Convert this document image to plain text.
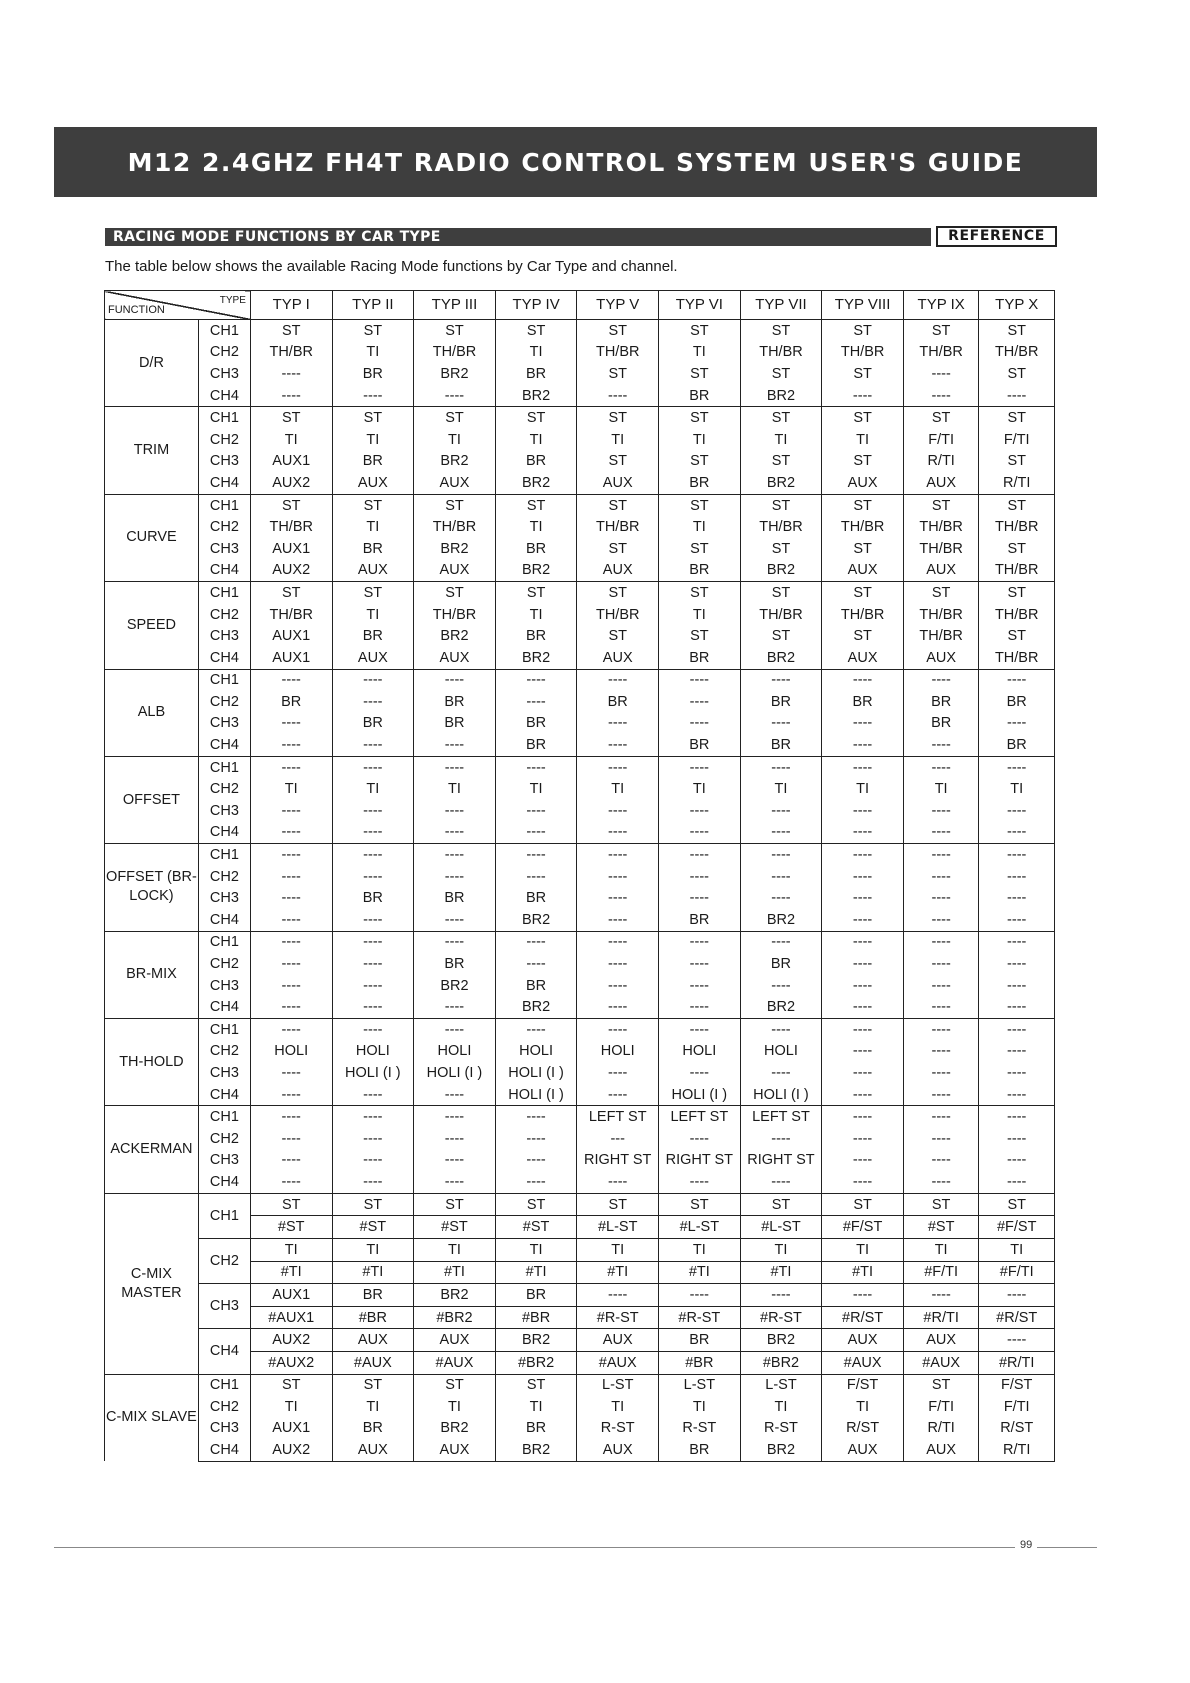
M12 2.4GHZ FH4T RADIO CONTROL SYSTEM USER'S GUIDE
RACING MODE FUNCTIONS BY CAR TYPE	REFERENCE
The table below shows the available Racing Mode functions by Car Type and channel.
TYPE
FUNCTION		TYP I	TYP II	TYP III	TYP IV	TYP V	TYP VI	TYP VII	TYP VIII	TYP IX	TYP X
D/R	CH1	ST	ST	ST	ST	ST	ST	ST	ST	ST	ST
	CH2	TH/BR	TI	TH/BR	TI	TH/BR	TI	TH/BR	TH/BR	TH/BR	TH/BR
	CH3	----	BR	BR2	BR	ST	ST	ST	ST	----	ST
	CH4	----	----	----	BR2	----	BR	BR2	----	----	----
TRIM	CH1	ST	ST	ST	ST	ST	ST	ST	ST	ST	ST
	CH2	TI	TI	TI	TI	TI	TI	TI	TI	F/TI	F/TI
	CH3	AUX1	BR	BR2	BR	ST	ST	ST	ST	R/TI	ST
	CH4	AUX2	AUX	AUX	BR2	AUX	BR	BR2	AUX	AUX	R/TI
CURVE	CH1	ST	ST	ST	ST	ST	ST	ST	ST	ST	ST
	CH2	TH/BR	TI	TH/BR	TI	TH/BR	TI	TH/BR	TH/BR	TH/BR	TH/BR
	CH3	AUX1	BR	BR2	BR	ST	ST	ST	ST	TH/BR	ST
	CH4	AUX2	AUX	AUX	BR2	AUX	BR	BR2	AUX	AUX	TH/BR
SPEED	CH1	ST	ST	ST	ST	ST	ST	ST	ST	ST	ST
	CH2	TH/BR	TI	TH/BR	TI	TH/BR	TI	TH/BR	TH/BR	TH/BR	TH/BR
	CH3	AUX1	BR	BR2	BR	ST	ST	ST	ST	TH/BR	ST
	CH4	AUX1	AUX	AUX	BR2	AUX	BR	BR2	AUX	AUX	TH/BR
ALB	CH1	----	----	----	----	----	----	----	----	----	----
	CH2	BR	----	BR	----	BR	----	BR	BR	BR	BR
	CH3	----	BR	BR	BR	----	----	----	----	BR	----
	CH4	----	----	----	BR	----	BR	BR	----	----	BR
OFFSET	CH1	----	----	----	----	----	----	----	----	----	----
	CH2	TI	TI	TI	TI	TI	TI	TI	TI	TI	TI
	CH3	----	----	----	----	----	----	----	----	----	----
	CH4	----	----	----	----	----	----	----	----	----	----
OFFSET (BR-LOCK)	CH1	----	----	----	----	----	----	----	----	----	----
	CH2	----	----	----	----	----	----	----	----	----	----
	CH3	----	BR	BR	BR	----	----	----	----	----	----
	CH4	----	----	----	BR2	----	BR	BR2	----	----	----
BR-MIX	CH1	----	----	----	----	----	----	----	----	----	----
	CH2	----	----	BR	----	----	----	BR	----	----	----
	CH3	----	----	BR2	BR	----	----	----	----	----	----
	CH4	----	----	----	BR2	----	----	BR2	----	----	----
TH-HOLD	CH1	----	----	----	----	----	----	----	----	----	----
	CH2	HOLI	HOLI	HOLI	HOLI	HOLI	HOLI	HOLI	----	----	----
	CH3	----	HOLI (I )	HOLI (I )	HOLI (I )	----	----	----	----	----	----
	CH4	----	----	----	HOLI (I )	----	HOLI (I )	HOLI (I )	----	----	----
ACKERMAN	CH1	----	----	----	----	LEFT ST	LEFT ST	LEFT ST	----	----	----
	CH2	----	----	----	----	---	----	----	----	----	----
	CH3	----	----	----	----	RIGHT ST	RIGHT ST	RIGHT ST	----	----	----
	CH4	----	----	----	----	----	----	----	----	----	----
C-MIX MASTER	CH1	ST	ST	ST	ST	ST	ST	ST	ST	ST	ST
		#ST	#ST	#ST	#ST	#L-ST	#L-ST	#L-ST	#F/ST	#ST	#F/ST
	CH2	TI	TI	TI	TI	TI	TI	TI	TI	TI	TI
		#TI	#TI	#TI	#TI	#TI	#TI	#TI	#TI	#F/TI	#F/TI
	CH3	AUX1	BR	BR2	BR	----	----	----	----	----	----
		#AUX1	#BR	#BR2	#BR	#R-ST	#R-ST	#R-ST	#R/ST	#R/TI	#R/ST
	CH4	AUX2	AUX	AUX	BR2	AUX	BR	BR2	AUX	AUX	----
		#AUX2	#AUX	#AUX	#BR2	#AUX	#BR	#BR2	#AUX	#AUX	#R/TI
C-MIX SLAVE	CH1	ST	ST	ST	ST	L-ST	L-ST	L-ST	F/ST	ST	F/ST
	CH2	TI	TI	TI	TI	TI	TI	TI	TI	F/TI	F/TI
	CH3	AUX1	BR	BR2	BR	R-ST	R-ST	R-ST	R/ST	R/TI	R/ST
	CH4	AUX2	AUX	AUX	BR2	AUX	BR	BR2	AUX	AUX	R/TI
99
